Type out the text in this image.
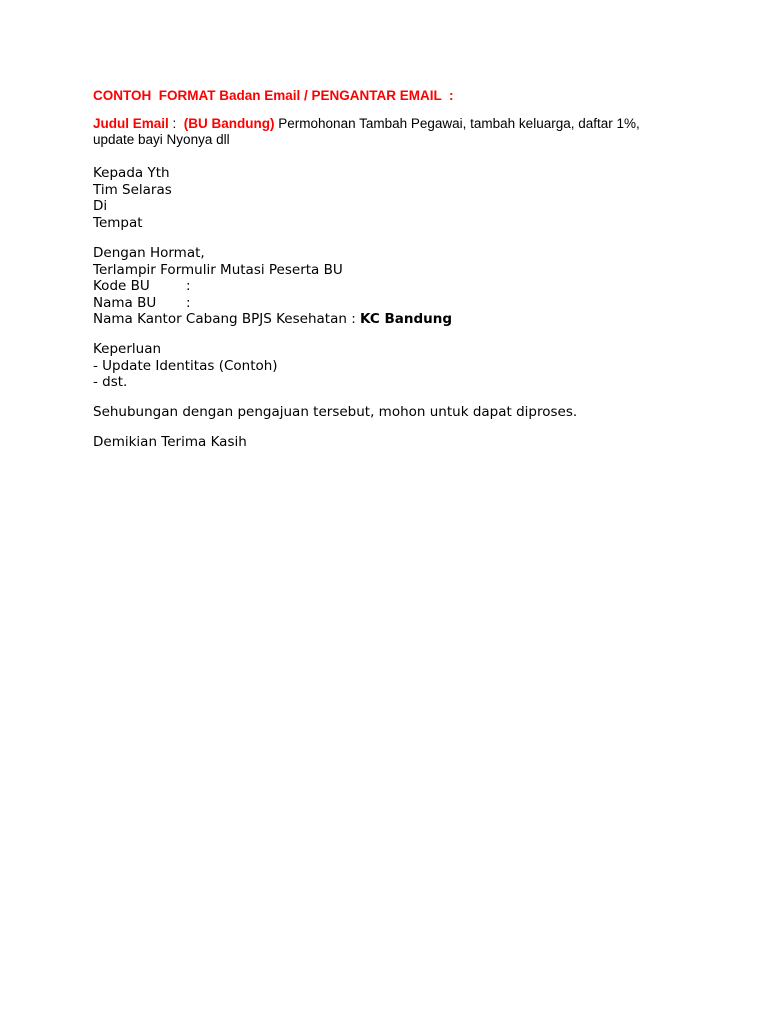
CONTOH  FORMAT Badan Email / PENGANTAR EMAIL  :
Judul Email :  (BU Bandung) Permohonan Tambah Pegawai, tambah keluarga, daftar 1%, update bayi Nyonya dll
Kepada Yth
Tim Selaras
Di
Tempat
Dengan Hormat,
Terlampir Formulir Mutasi Peserta BU
Kode BU	:
Nama BU	:
Nama Kantor Cabang BPJS Kesehatan : KC Bandung
Keperluan
- Update Identitas (Contoh)
- dst.
Sehubungan dengan pengajuan tersebut, mohon untuk dapat diproses.
Demikian Terima Kasih
